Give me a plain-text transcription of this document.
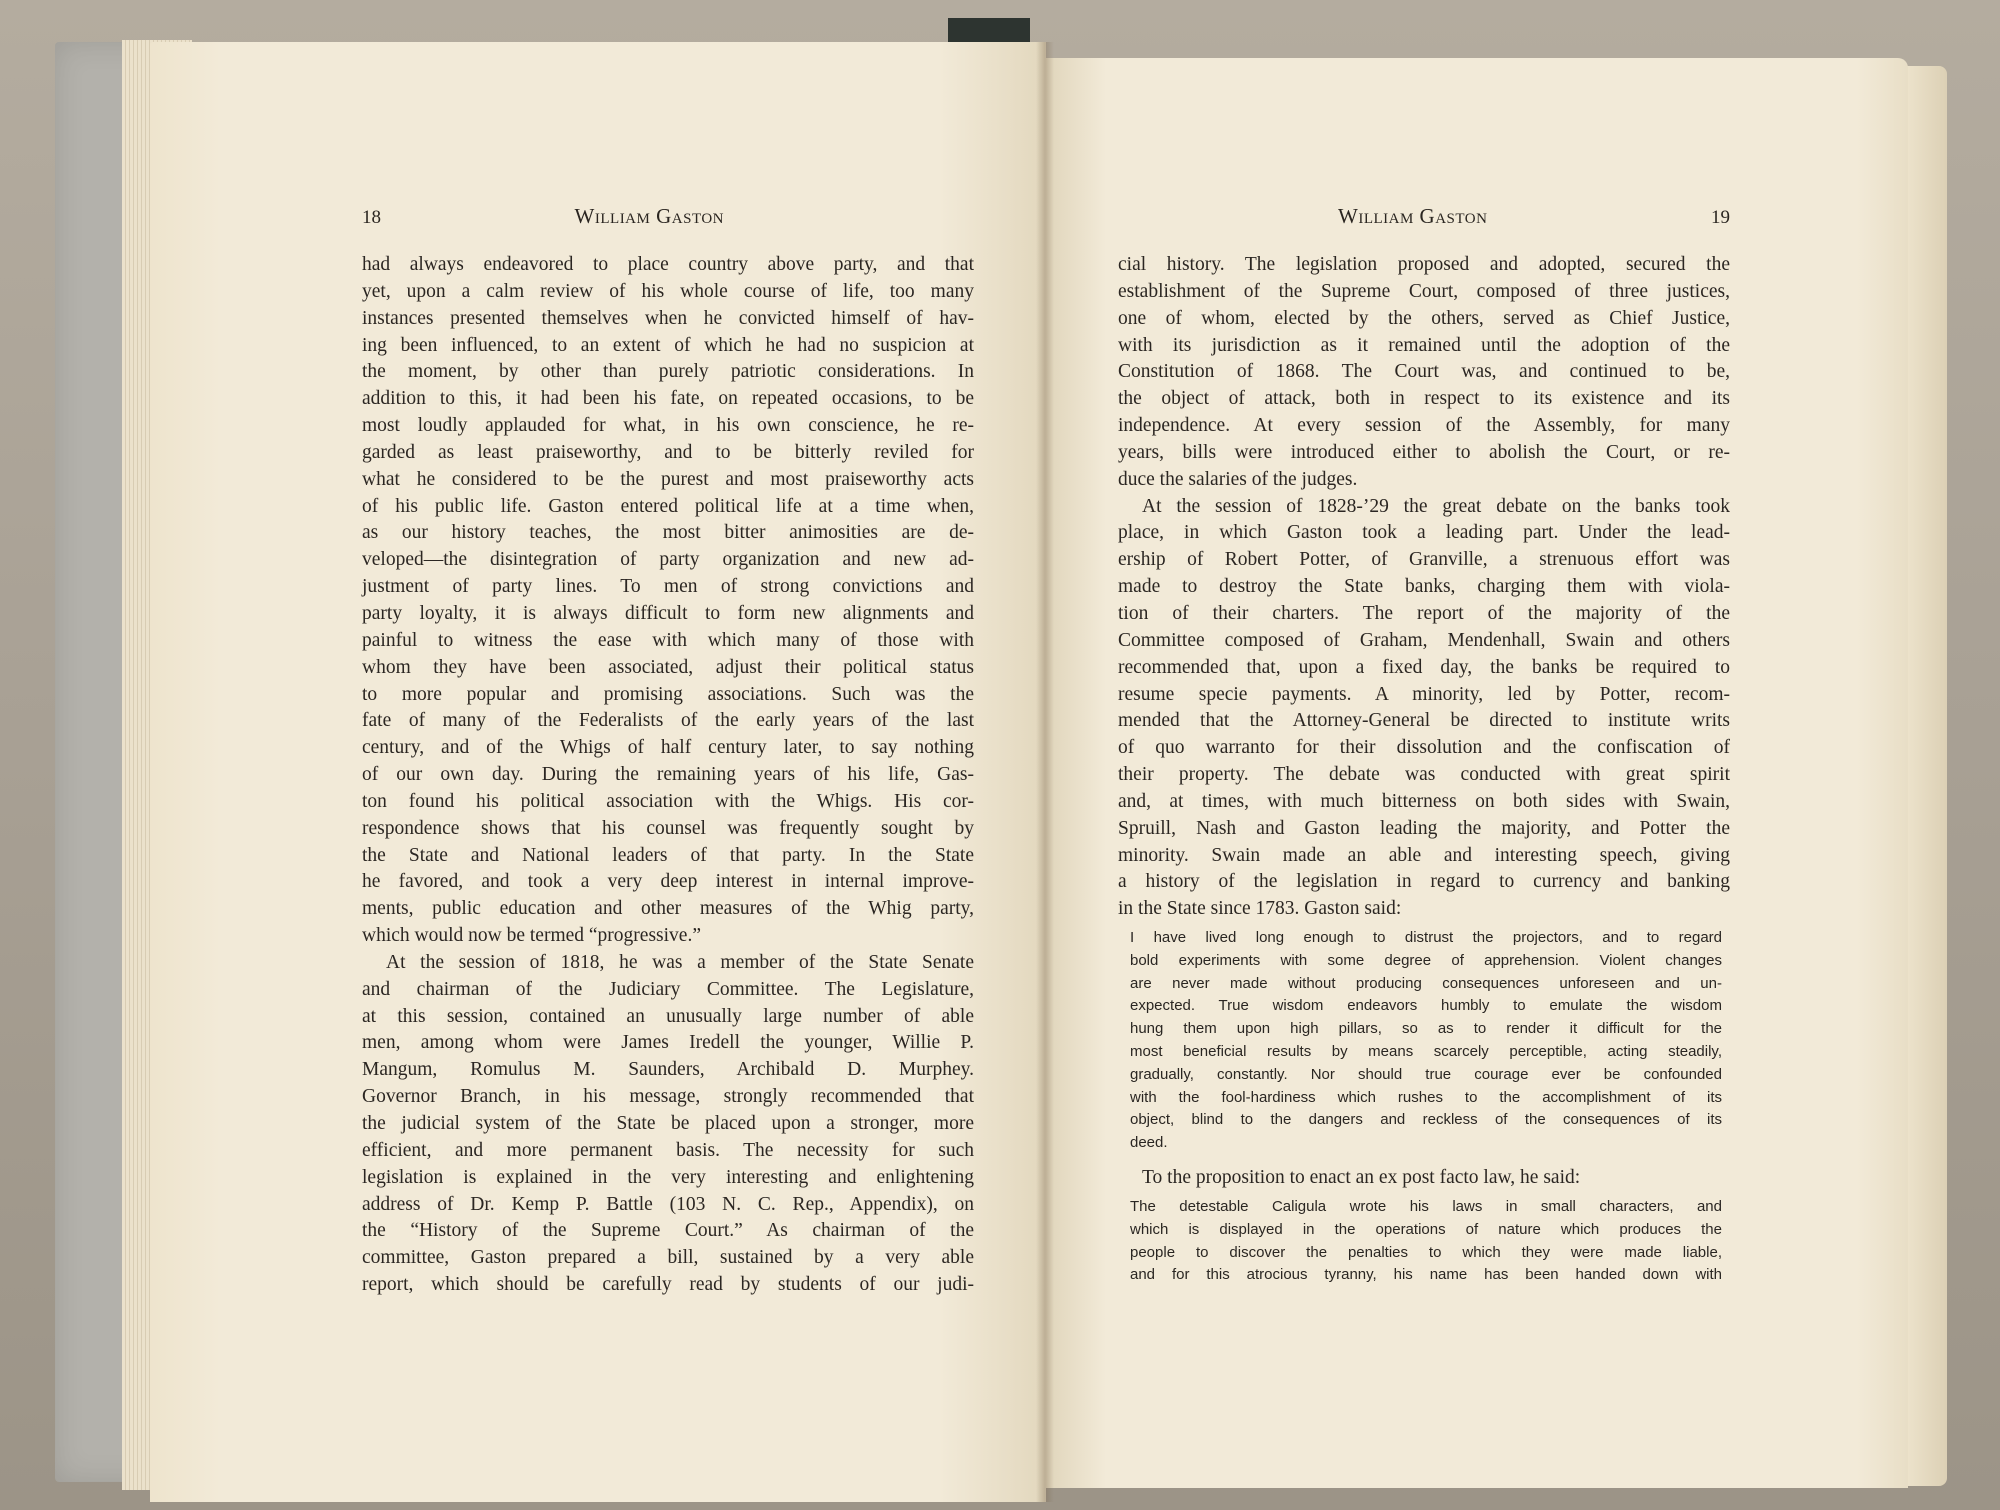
18	William Gaston	William Gaston	19
had always endeavored to place country above party, and that
yet, upon a calm review of his whole course of life, too many
instances presented themselves when he convicted himself of hav-
ing been influenced, to an extent of which he had no suspicion at
the moment, by other than purely patriotic considerations. In
addition to this, it had been his fate, on repeated occasions, to be
most loudly applauded for what, in his own conscience, he re-
garded as least praiseworthy, and to be bitterly reviled for
what he considered to be the purest and most praiseworthy acts
of his public life. Gaston entered political life at a time when,
as our history teaches, the most bitter animosities are de-
veloped—the disintegration of party organization and new ad-
justment of party lines. To men of strong convictions and
party loyalty, it is always difficult to form new alignments and
painful to witness the ease with which many of those with
whom they have been associated, adjust their political status
to more popular and promising associations. Such was the
fate of many of the Federalists of the early years of the last
century, and of the Whigs of half century later, to say nothing
of our own day. During the remaining years of his life, Gas-
ton found his political association with the Whigs. His cor-
respondence shows that his counsel was frequently sought by
the State and National leaders of that party. In the State
he favored, and took a very deep interest in internal improve-
ments, public education and other measures of the Whig party,
which would now be termed “progressive.”
At the session of 1818, he was a member of the State Senate
and chairman of the Judiciary Committee. The Legislature,
at this session, contained an unusually large number of able
men, among whom were James Iredell the younger, Willie P.
Mangum, Romulus M. Saunders, Archibald D. Murphey.
Governor Branch, in his message, strongly recommended that
the judicial system of the State be placed upon a stronger, more
efficient, and more permanent basis. The necessity for such
legislation is explained in the very interesting and enlightening
address of Dr. Kemp P. Battle (103 N. C. Rep., Appendix), on
the “History of the Supreme Court.” As chairman of the
committee, Gaston prepared a bill, sustained by a very able
report, which should be carefully read by students of our judi-
cial history. The legislation proposed and adopted, secured the
establishment of the Supreme Court, composed of three justices,
one of whom, elected by the others, served as Chief Justice,
with its jurisdiction as it remained until the adoption of the
Constitution of 1868. The Court was, and continued to be,
the object of attack, both in respect to its existence and its
independence. At every session of the Assembly, for many
years, bills were introduced either to abolish the Court, or re-
duce the salaries of the judges.
At the session of 1828-’29 the great debate on the banks took
place, in which Gaston took a leading part. Under the lead-
ership of Robert Potter, of Granville, a strenuous effort was
made to destroy the State banks, charging them with viola-
tion of their charters. The report of the majority of the
Committee composed of Graham, Mendenhall, Swain and others
recommended that, upon a fixed day, the banks be required to
resume specie payments. A minority, led by Potter, recom-
mended that the Attorney-General be directed to institute writs
of quo warranto for their dissolution and the confiscation of
their property. The debate was conducted with great spirit
and, at times, with much bitterness on both sides with Swain,
Spruill, Nash and Gaston leading the majority, and Potter the
minority. Swain made an able and interesting speech, giving
a history of the legislation in regard to currency and banking
in the State since 1783. Gaston said:
I have lived long enough to distrust the projectors, and to regard
bold experiments with some degree of apprehension. Violent changes
are never made without producing consequences unforeseen and un-
expected. True wisdom endeavors humbly to emulate the wisdom
hung them upon high pillars, so as to render it difficult for the
most beneficial results by means scarcely perceptible, acting steadily,
gradually, constantly. Nor should true courage ever be confounded
with the fool-hardiness which rushes to the accomplishment of its
object, blind to the dangers and reckless of the consequences of its
deed.
To the proposition to enact an ex post facto law, he said:
The detestable Caligula wrote his laws in small characters, and
which is displayed in the operations of nature which produces the
people to discover the penalties to which they were made liable,
and for this atrocious tyranny, his name has been handed down with
